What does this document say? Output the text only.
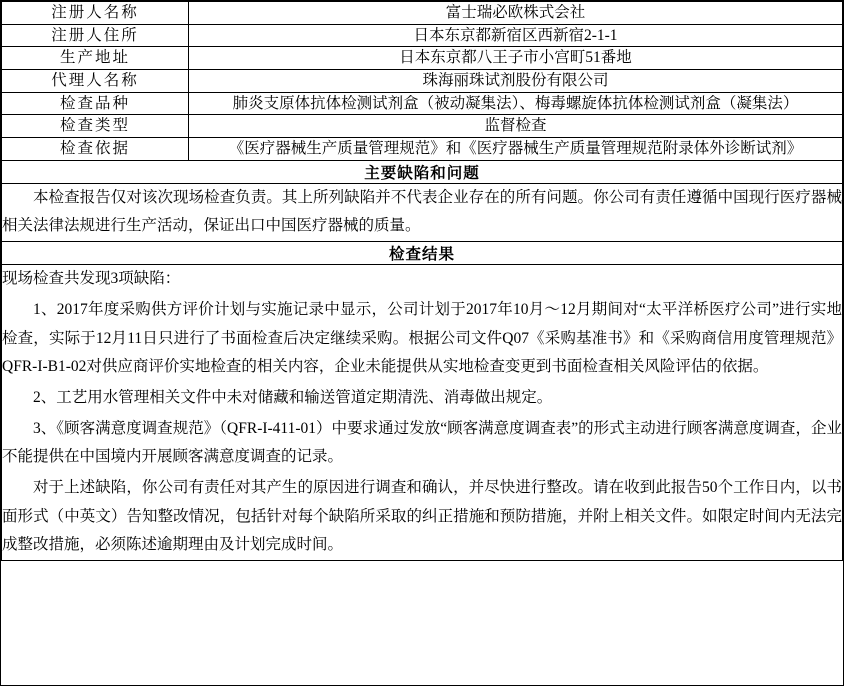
注册人名称	富士瑞必欧株式会社
注册人住所	日本东京都新宿区西新宿2-1-1
生产地址	日本东京都八王子市小宫町51番地
代理人名称	珠海丽珠试剂股份有限公司
检查品种	肺炎支原体抗体检测试剂盒（被动凝集法）、梅毒螺旋体抗体检测试剂盒（凝集法）
检查类型	监督检查
检查依据	《医疗器械生产质量管理规范》和《医疗器械生产质量管理规范附录体外诊断试剂》
主要缺陷和问题	

本检查报告仅对该次现场检查负责。其上所列缺陷并不代表企业存在的所有问题。你公司有责任遵循中国现行医疗器械相关法律法规进行生产活动，保证出口中国医疗器械的质量。	

检查结果	

现场检查共发现3项缺陷：

1、2017年度采购供方评价计划与实施记录中显示，公司计划于2017年10月～12月期间对“太平洋桥医疗公司”进行实地检查，实际于12月11日只进行了书面检查后决定继续采购。根据公司文件Q07《采购基准书》和《采购商信用度管理规范》QFR-I-B1-02对供应商评价实地检查的相关内容，企业未能提供从实地检查变更到书面检查相关风险评估的依据。

2、工艺用水管理相关文件中未对储藏和输送管道定期清洗、消毒做出规定。

3、《顾客满意度调查规范》（QFR-I-411-01）中要求通过发放“顾客满意度调查表”的形式主动进行顾客满意度调查，企业不能提供在中国境内开展顾客满意度调查的记录。

对于上述缺陷，你公司有责任对其产生的原因进行调查和确认，并尽快进行整改。请在收到此报告50个工作日内，以书面形式（中英文）告知整改情况，包括针对每个缺陷所采取的纠正措施和预防措施，并附上相关文件。如限定时间内无法完成整改措施，必须陈述逾期理由及计划完成时间。	
